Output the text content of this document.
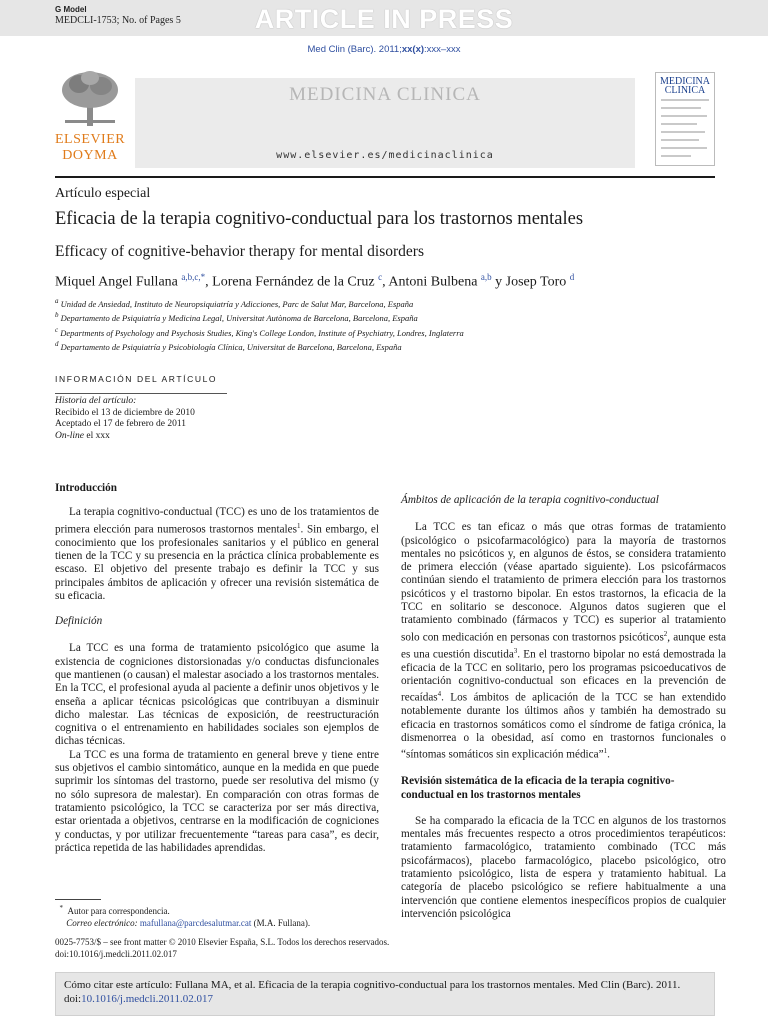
G Model
MEDCLI-1753; No. of Pages 5	ARTICLE IN PRESS
Med Clin (Barc). 2011;xx(x):xxx–xxx
ELSEVIER
DOYMA
MEDICINA CLINICA
www.elsevier.es/medicinaclinica
MEDICINA
CLINICA
Artículo especial
Eficacia de la terapia cognitivo-conductual para los trastornos mentales
Efficacy of cognitive-behavior therapy for mental disorders
Miquel Angel Fullana $^{a,b,c,*}$, Lorena Fernández de la Cruz $^c$, Antoni Bulbena $^{a,b}$ y Josep Toro $^d$
$^a$ Unidad de Ansiedad, Instituto de Neuropsiquiatría y Adicciones, Parc de Salut Mar, Barcelona, España
$^b$ Departamento de Psiquiatría y Medicina Legal, Universitat Autònoma de Barcelona, Barcelona, España
$^c$ Departments of Psychology and Psychosis Studies, King's College London, Institute of Psychiatry, Londres, Inglaterra
$^d$ Departamento de Psiquiatría y Psicobiología Clínica, Universitat de Barcelona, Barcelona, España
INFORMACIÓN DEL ARTÍCULO
Historia del artículo:
Recibido el 13 de diciembre de 2010
Aceptado el 17 de febrero de 2011
On-line el xxx
Introducción

La terapia cognitivo-conductual (TCC) es uno de los tratamientos de primera elección para numerosos trastornos mentales$^1$. Sin embargo, el conocimiento que los profesionales sanitarios y el público en general tienen de la TCC y su presencia en la práctica clínica probablemente es escaso. El objetivo del presente trabajo es definir la TCC y sus principales ámbitos de aplicación y ofrecer una revisión sistemática de su eficacia.

Definición

La TCC es una forma de tratamiento psicológico que asume la existencia de cogniciones distorsionadas y/o conductas disfuncionales que mantienen (o causan) el malestar asociado a los trastornos mentales. En la TCC, el profesional ayuda al paciente a definir unos objetivos y le enseña a aplicar técnicas psicológicas que contribuyan a disminuir dicho malestar. Las técnicas de exposición, de reestructuración cognitiva o el entrenamiento en habilidades sociales son ejemplos de dichas técnicas.

La TCC es una forma de tratamiento en general breve y tiene entre sus objetivos el cambio sintomático, aunque en la medida en que puede suprimir los síntomas del trastorno, puede ser resolutiva del mismo (y no sólo supresora de malestar). En comparación con otras formas de tratamiento psicológico, la TCC se caracteriza por ser más directiva, estar orientada a objetivos, centrarse en la modificación de cogniciones y conductas, y por utilizar frecuentemente “tareas para casa”, es decir, práctica repetida de las habilidades aprendidas.

Ámbitos de aplicación de la terapia cognitivo-conductual

La TCC es tan eficaz o más que otras formas de tratamiento (psicológico o psicofarmacológico) para la mayoría de trastornos mentales no psicóticos y, en algunos de éstos, se considera tratamiento de primera elección (véase apartado siguiente). Los psicofármacos continúan siendo el tratamiento de primera elección para los trastornos psicóticos y el trastorno bipolar. En estos trastornos, la eficacia de la TCC en solitario se desconoce. Algunos datos sugieren que el tratamiento combinado (fármacos y TCC) es superior al tratamiento solo con medicación en personas con trastornos psicóticos$^2$, aunque esta es una cuestión discutida$^3$. En el trastorno bipolar no está demostrada la eficacia de la TCC en solitario, pero los programas psicoeducativos de orientación cognitivo-conductual son eficaces en la prevención de recaídas$^4$. Los ámbitos de aplicación de la TCC se han extendido notablemente durante los últimos años y también ha demostrado su eficacia en trastornos somáticos como el síndrome de fatiga crónica, la dismenorrea o la obesidad, así como en trastornos funcionales o “síntomas somáticos sin explicación médica”$^1$.

Revisión sistemática de la eficacia de la terapia cognitivo-conductual en los trastornos mentales

Se ha comparado la eficacia de la TCC en algunos de los trastornos mentales más frecuentes respecto a otros procedimientos terapéuticos: tratamiento farmacológico, tratamiento combinado (TCC más psicofármacos), placebo farmacológico, placebo psicológico, otro tratamiento psicológico, lista de espera y tratamiento habitual. La categoría de placebo psicológico se refiere habitualmente a una intervención que contiene elementos inespecíficos propios de cualquier intervención psicológica

* Autor para correspondencia.
Correo electrónico: mafullana@parcdesalutmar.cat (M.A. Fullana).
0025-7753/$ – see front matter © 2010 Elsevier España, S.L. Todos los derechos reservados.
doi:10.1016/j.medcli.2011.02.017
Cómo citar este artículo: Fullana MA, et al. Eficacia de la terapia cognitivo-conductual para los trastornos mentales. Med Clin (Barc). 2011. doi:10.1016/j.medcli.2011.02.017
